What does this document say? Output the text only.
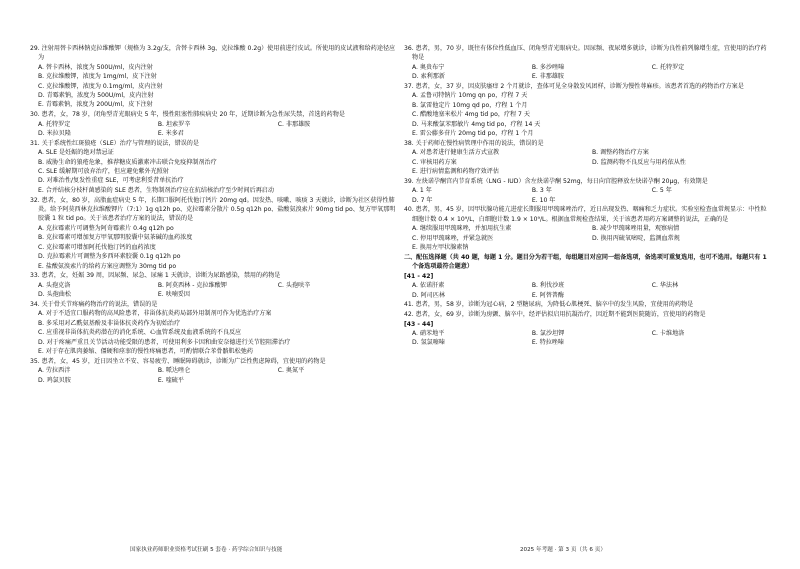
29. 注射用替卡西林钠克拉维酸钾（规格为 3.2g/支，含替卡西林 3g、克拉维酸 0.2g）使用前进行皮试。所使用的皮试液和给药途径应为
A. 替卡西林，浓度为 500U/ml，皮内注射
B. 克拉维酸钾，浓度为 1mg/ml，皮下注射
C. 克拉维酸钾，浓度为 0.1mg/ml，皮内注射
D. 青霉素钠，浓度为 500U/ml，皮内注射
E. 青霉素钠，浓度为 200U/ml，皮下注射
30. 患者，女，78 岁，闭角型青光眼病史 5 年，慢性阻塞性肺疾病史 20 年，近期诊断为急性尿失禁，首选的药物是
A. 托特罗定	B. 坦索罗辛	C. 非那雄胺
D. 米拉贝隆	E. 米多君
31. 关于系统性红斑狼疮（SLE）治疗与管理的说法，错误的是
A. SLE 是妊娠的绝对禁忌证
B. 威胁生命的狼疮危象，推荐糖皮质激素冲击联合免疫抑制剂治疗
C. SLE 缓解期可放弃治疗，但应避免紫外光照射
D. 对难治性/复发性重症 SLE，可考虑利妥昔单抗治疗
E. 合并结核分枝杆菌感染的 SLE 患者，生物制剂治疗应在抗结核治疗至少时间后再启动
32. 患者，女，80 岁，高脂血症病史 5 年，长期口服阿托伐他汀钙片 20mg qd。因发热、咳嗽、咳痰 3 天就诊，诊断为社区获得性肺炎。给予阿莫西林克拉维酸钾片（7:1）1g q12h po、克拉霉素分散片 0.5g q12h po、盐酸氨溴索片 90mg tid po、复方甲氧那明胶囊 1 粒 tid po。关于该患者治疗方案的说法，错误的是
A. 克拉霉素片可调整为阿奇霉素片 0.4g q12h po
B. 克拉霉素可增加复方甲氧那明胶囊中氨茶碱的血药浓度
C. 克拉霉素可增加阿托伐他汀钙的血药浓度
D. 克拉霉素片可调整为多西环素胶囊 0.1g q12h po
E. 盐酸氨溴索片的给药方案应调整为 30mg tid po
33. 患者，女，妊娠 39 周，因尿频、尿急、尿痛 1 天就诊，诊断为尿路感染，禁用的药物是
A. 头孢克洛	B. 阿莫西林 - 克拉维酸钾	C. 头孢呋辛
D. 头孢曲松	E. 呋喃妥因
34. 关于骨关节疼痛药物治疗的说法，错误的是
A. 对于不适宜口服药物的高风险患者，非甾体抗炎药局部外用制剂可作为优选治疗方案
B. 多采用对乙酰氨基酚及非甾体抗炎药作为初始治疗
C. 应重视非甾体抗炎药潜在的消化系统、心血管系统及血液系统的不良反应
D. 对于疼痛严重且关节活动功能受限的患者，可使用利多卡因和曲安奈德进行关节腔阻滞治疗
E. 对于存在肌肉萎缩、僵硬和痉挛的慢性疼痛患者，可酌情联合苯骨骼肌松弛药
35. 患者，女，45 岁，近日因坐立不安、容易疲劳、睡眠障碍就诊，诊断为广泛性焦虑障碍，宜使用的药物是
A. 劳拉西泮	B. 哌达唑仑	C. 奥氮平
D. 鸡氯贝胺	E. 喹硫平
36. 患者，男，70 岁，既往有体位性低血压、闭角型青光眼病史。因尿频、夜尿增多就诊，诊断为良性前列腺增生症，宜使用的治疗药物是
A. 奥贵布宁	B. 多沙唑嗪	C. 托特罗定
D. 索利那新	E. 非那雄胺
37. 患者，女，37 岁，因皮肤瘙痒 2 个月就诊，查体可见全身散发风团样，诊断为慢性荨麻疹。该患者首选的药物治疗方案是
A. 孟鲁司特钠片 10mg qn po，疗程 7 天
B. 氯雷他定片 10mg qd po，疗程 1 个月
C. 醋酸地塞米松片 4mg tid po，疗程 7 天
D. 马来酸氯苯那敏片 4mg tid po，疗程 14 天
E. 雷公藤多苷片 20mg tid po，疗程 1 个月
38. 关于药师在慢性病管理中作用的说法，错误的是
A. 对患者进行健康生活方式宣教	B. 调整药物治疗方案
C. 审核用药方案	D. 监测药物不良反应与用药依从性
E. 进行病情监测和药物疗效评估
39. 左炔诺孕酮宫内节育系统（LNG - IUD）含左炔诺孕酮 52mg，每日向宫腔释放左炔诺孕酮 20μg，有效期是
A. 1 年	B. 3 年	C. 5 年
D. 7 年	E. 10 年
40. 患者，男，45 岁，因甲状腺功能亢进症长期服用甲巯咪唑治疗，近日出现发热、咽痛和乏力症状。实验室检查血常规显示：中性粒细胞计数 0.4 × 10⁹/L，白细胞计数 1.9 × 10⁹/L。根据血常规检查结果，关于该患者用药方案调整的说法，正确的是
A. 继续服用甲巯咪唑，并加用抗生素	B. 减少甲巯咪唑用量，观察病情
C. 停用甲巯咪唑，并紧急就医	D. 换用丙硫氧嘧啶，监测血常规
E. 换用左甲状腺素钠
二、配伍选择题（共 40 题，每题 1 分。题目分为若干组，每组题目对应同一组备选项，备选项可重复选用，也可不选用。每题只有 1 个备选项最符合题意）
[41 - 42]
A. 依诺肝素	B. 利伐沙班	C. 华法林
D. 阿司匹林	E. 阿替普酶
41. 患者，男，58 岁，诊断为冠心病，2 型糖尿病，为降低心肌梗死、脑卒中的发生风险，宜使用的药物是
42. 患者，女，69 岁，诊断为房颤、脑卒中，经评估拟启用抗凝治疗，因近期不能到医院随访，宜使用的药物是
[43 - 44]
A. 硝苯地平	B. 氯沙坦钾	C. 卡维地洛
D. 氢氯噻嗪	E. 特拉唑嗪
国家执业药师职业资格考试狂刷 5 套卷 · 药学综合知识与技能	2025 年考题 · 第 3 页（共 6 页）
